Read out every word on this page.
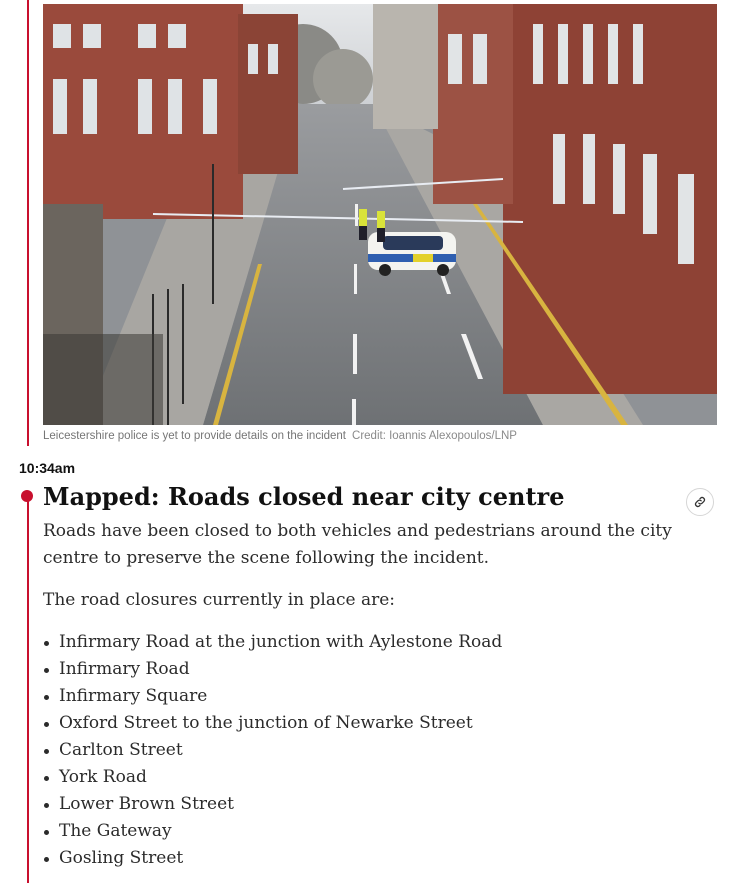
Leicestershire police is yet to provide details on the incident Credit: Ioannis Alexopoulos/LNP
10:34am
Mapped: Roads closed near city centre

Roads have been closed to both vehicles and pedestrians around the city centre to preserve the scene following the incident.

The road closures currently in place are:

Infirmary Road at the junction with Aylestone Road
Infirmary Road
Infirmary Square
Oxford Street to the junction of Newarke Street
Carlton Street
York Road
Lower Brown Street
The Gateway
Gosling Street
